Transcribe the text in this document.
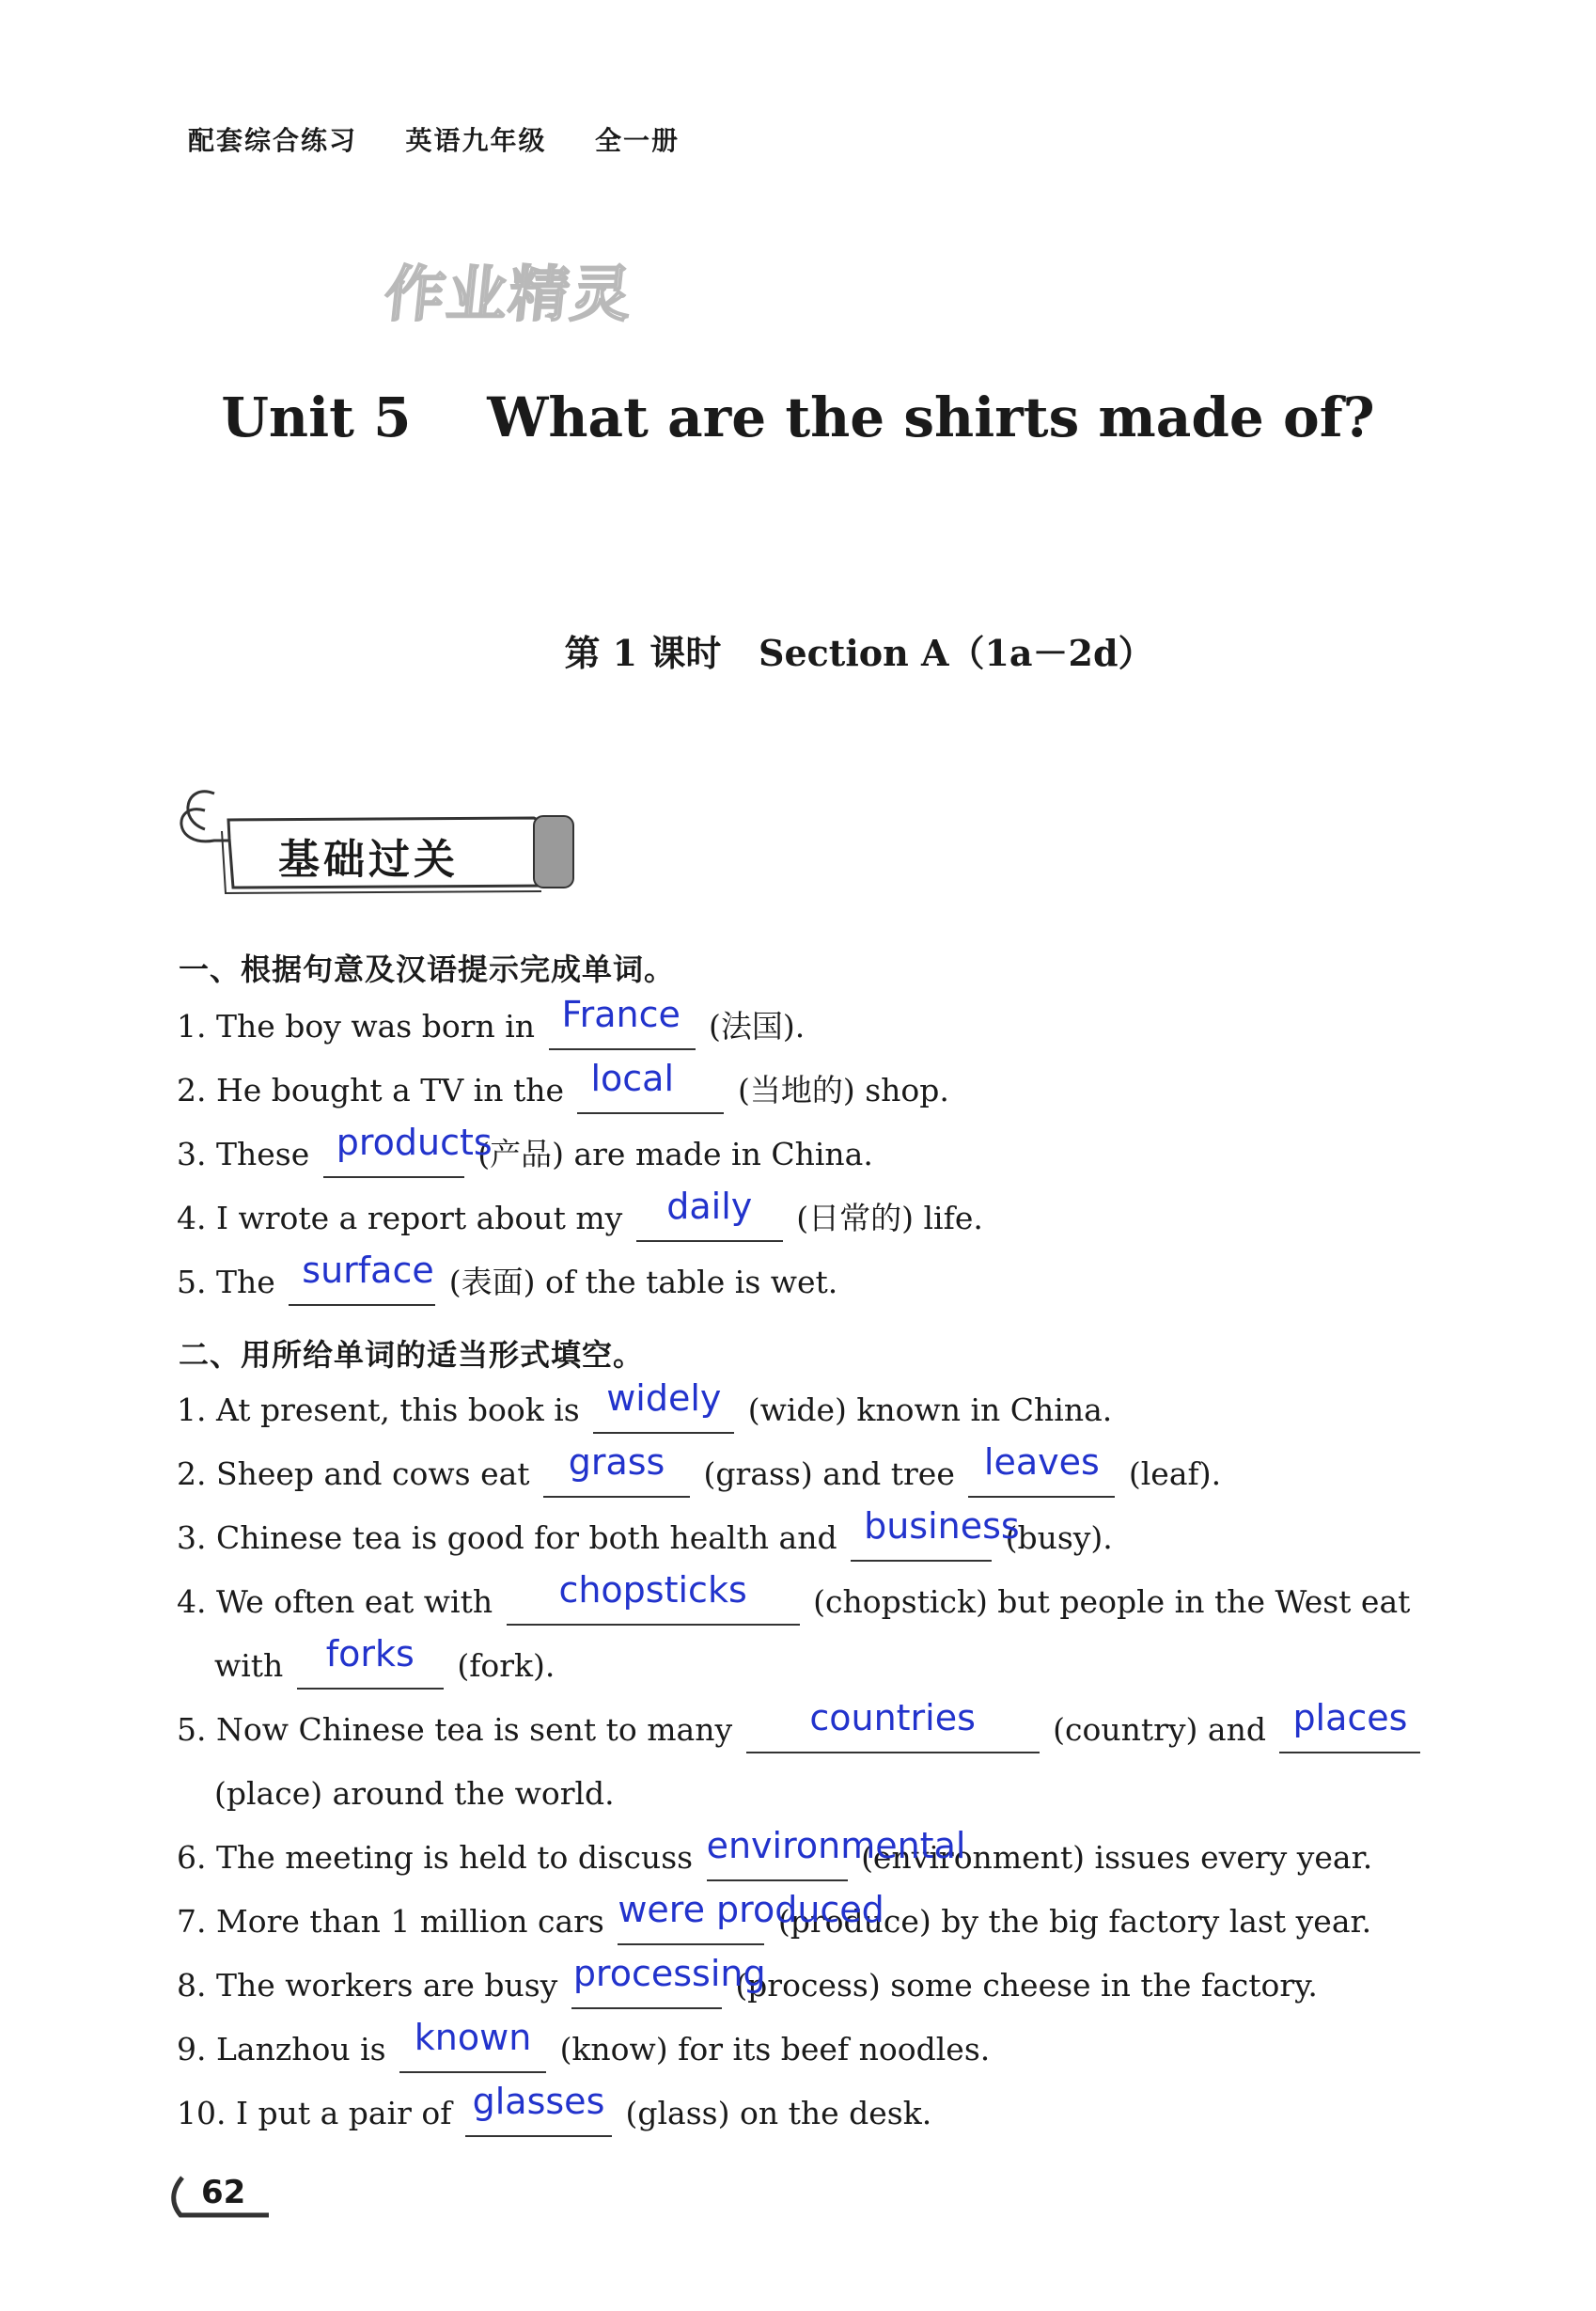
配套综合练习  英语九年级  全一册
作业精灵
Unit 5    What are the shirts made of?
第 1 课时   Section A（1a－2d）
基础过关
一、根据句意及汉语提示完成单词。
1. The boy was born in France (法国).
2. He bought a TV in the local	(当地的) shop.
3. These products
(产品) are made in China.
4. I wrote a report about my	daily	(日常的) life.
5. The surface (表面) of the table is wet.
二、用所给单词的适当形式填空。
1. At present, this book is widely (wide) known in China.
2. Sheep and cows eat	grass	(grass) and tree leaves (leaf).
3. Chinese tea is good for both health and business
(busy).
4. We often eat with	chopsticks	(chopstick) but people in the West eat
with	forks	(fork).
5. Now Chinese tea is sent to many	countries	(country) and places
(place) around the world.
6. The meeting is held to discuss environmental
(environment) issues every year.
7. More than 1 million cars were produced
(produce) by the big factory last year.
8. The workers are busy processing
(process) some cheese in the factory.
9. Lanzhou is known (know) for its beef noodles.
10. I put a pair of glasses (glass) on the desk.
62
